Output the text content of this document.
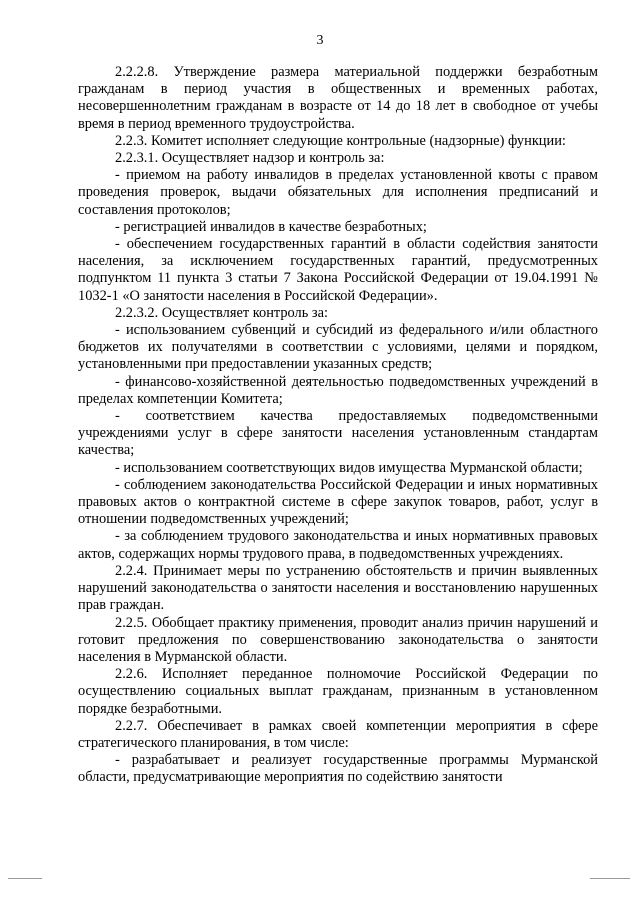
3

2.2.2.8. Утверждение размера материальной поддержки безработным гражданам в период участия в общественных и временных работах, несовершеннолетним гражданам в возрасте от 14 до 18 лет в свободное от учебы время в период временного трудоустройства.

2.2.3. Комитет исполняет следующие контрольные (надзорные) функции:

2.2.3.1. Осуществляет надзор и контроль за:

- приемом на работу инвалидов в пределах установленной квоты с правом проведения проверок, выдачи обязательных для исполнения предписаний и составления протоколов;

- регистрацией инвалидов в качестве безработных;

- обеспечением государственных гарантий в области содействия занятости населения, за исключением государственных гарантий, предусмотренных подпунктом 11 пункта 3 статьи 7 Закона Российской Федерации от 19.04.1991 № 1032-1 «О занятости населения в Российской Федерации».

2.2.3.2. Осуществляет контроль за:

- использованием субвенций и субсидий из федерального и/или областного бюджетов их получателями в соответствии с условиями, целями и порядком, установленными при предоставлении указанных средств;

- финансово-хозяйственной деятельностью подведомственных учреждений в пределах компетенции Комитета;

- соответствием качества предоставляемых подведомственными учреждениями услуг в сфере занятости населения установленным стандартам качества;

- использованием соответствующих видов имущества Мурманской области;

- соблюдением законодательства Российской Федерации и иных нормативных правовых актов о контрактной системе в сфере закупок товаров, работ, услуг в отношении подведомственных учреждений;

- за соблюдением трудового законодательства и иных нормативных правовых актов, содержащих нормы трудового права, в подведомственных учреждениях.

2.2.4. Принимает меры по устранению обстоятельств и причин выявленных нарушений законодательства о занятости населения и восстановлению нарушенных прав граждан.

2.2.5. Обобщает практику применения, проводит анализ причин нарушений и готовит предложения по совершенствованию законодательства о занятости населения в Мурманской области.

2.2.6. Исполняет переданное полномочие Российской Федерации по осуществлению социальных выплат гражданам, признанным в установленном порядке безработными.

2.2.7. Обеспечивает в рамках своей компетенции мероприятия в сфере стратегического планирования, в том числе:

- разрабатывает и реализует государственные программы Мурманской области, предусматривающие мероприятия по содействию занятости
